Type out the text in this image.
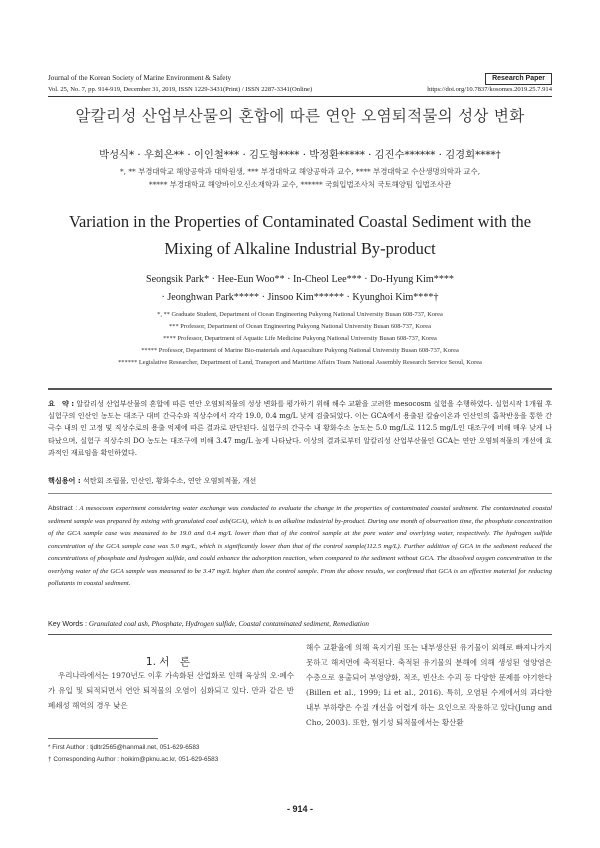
Journal of the Korean Society of Marine Environment & Safety	Research Paper
Vol. 25, No. 7, pp. 914-919, December 31, 2019, ISSN 1229-3431(Print) / ISSN 2287-3341(Online)	https://doi.org/10.7837/kosomes.2019.25.7.914
알칼리성 산업부산물의 혼합에 따른 연안 오염퇴적물의 성상 변화
박성식* · 우희은** · 이인철*** · 김도형**** · 박정환***** · 김진수****** · 김경회****†
*, ** 부경대학교 해양공학과 대학원생, *** 부경대학교 해양공학과 교수, **** 부경대학교 수산생명의학과 교수,
***** 부경대학교 해양바이오신소재학과 교수, ****** 국회입법조사처 국토해양팀 입법조사관
Variation in the Properties of Contaminated Coastal Sediment with the
Mixing of Alkaline Industrial By-product
Seongsik Park* · Hee-Eun Woo** · In-Cheol Lee*** · Do-Hyung Kim****
· Jeonghwan Park***** · Jinsoo Kim****** · Kyunghoi Kim****†
*, ** Graduate Student, Department of Ocean Engineering Pukyong National University Busan 608-737, Korea
*** Professor, Department of Ocean Engineering Pukyong National University Busan 608-737, Korea
**** Professor, Department of Aquatic Life Medicine Pukyong National University Busan 608-737, Korea
***** Professor, Department of Marine Bio-materials and Aquaculture Pukyong National University Busan 608-737, Korea
****** Legislative Researcher, Department of Land, Transport and Maritime Affairs Team National Assembly Research Service Seoul, Korea
요　약 : 알칼리성 산업부산물의 혼합에 따른 연안 오염퇴적물의 성상 변화를 평가하기 위해 해수 교환을 고려한 mesocosm 실험을 수행하였다. 실험시작 1개월 후 실험구의 인산인 농도는 대조구 대비 간극수와 직상수에서 각각 19.0, 0.4 mg/L 낮게 검출되었다. 이는 GCA에서 용출된 칼슘이온과 인산인의 흡착반응을 통한 간극수 내의 인 고정 및 직상수로의 용출 억제에 따른 결과로 판단된다. 실험구의 간극수 내 황화수소 농도는 5.0 mg/L로 112.5 mg/L인 대조구에 비해 매우 낮게 나타났으며, 실험구 직상수의 DO 농도는 대조구에 비해 3.47 mg/L 높게 나타났다. 이상의 결과로부터 알칼리성 산업부산물인 GCA는 연안 오염퇴적물의 개선에 효과적인 재료임을 확인하였다.
핵심용어 : 석탄회 조립물, 인산인, 황화수소, 연안 오염퇴적물, 개선
Abstract : A mesocosm experiment considering water exchange was conducted to evaluate the change in the properties of contaminated coastal sediment. The contaminated coastal sediment sample was prepared by mixing with granulated coal ash(GCA), which is an alkaline industrial by-product. During one month of observation time, the phosphate concentration of the GCA sample case was measured to be 19.0 and 0.4 mg/L lower than that of the control sample at the pore water and overlying water, respectively. The hydrogen sulfide concentration of the GCA sample case was 5.0 mg/L, which is significantly lower than that of the control sample(112.5 mg/L). Further addition of GCA in the sediment reduced the concentrations of phosphate and hydrogen sulfide, and could enhance the adsorption reaction, when compared to the sediment without GCA. The dissolved oxygen concentration in the overlying water of the GCA sample was measured to be 3.47 mg/L higher than the control sample. From the above results, we confirmed that GCA is an effective material for reducing pollutants in coastal sediment.
Key Words : Granulated coal ash, Phosphate, Hydrogen sulfide, Coastal contaminated sediment, Remediation
1. 서　론
우리나라에서는 1970년도 이후 가속화된 산업화로 인해 육상의 오·폐수가 유입 및 퇴적되면서 연안 퇴적물의 오염이 심화되고 있다. 만과 같은 반 폐쇄성 해역의 경우 낮은
해수 교환율에 의해 육지기원 또는 내부생산된 유기물이 외해로 빠져나가지 못하고 해저면에 축적된다. 축적된 유기물의 분해에 의해 생성된 영양염은 수층으로 용출되어 부영양화, 적조, 빈산소 수괴 등 다양한 문제를 야기한다(Billen et al., 1999; Li et al., 2016). 특히, 오염된 수계에서의 과다한 내부 부하량은 수질 개선을 어렵게 하는 요인으로 작용하고 있다(Jung and Cho, 2003). 또한, 혐기성 퇴적물에서는 황산환
* First Author : tjdltr2565@hanmail.net, 051-629-6583
† Corresponding Author : hoikim@pknu.ac.kr, 051-629-6583
- 914 -
